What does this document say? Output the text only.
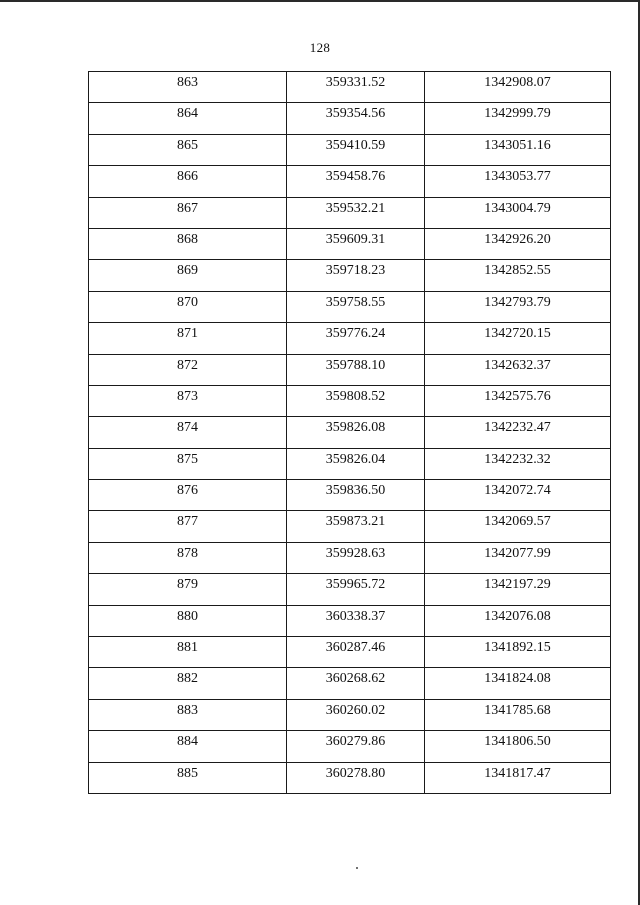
128
863	359331.52	1342908.07
864	359354.56	1342999.79
865	359410.59	1343051.16
866	359458.76	1343053.77
867	359532.21	1343004.79
868	359609.31	1342926.20
869	359718.23	1342852.55
870	359758.55	1342793.79
871	359776.24	1342720.15
872	359788.10	1342632.37
873	359808.52	1342575.76
874	359826.08	1342232.47
875	359826.04	1342232.32
876	359836.50	1342072.74
877	359873.21	1342069.57
878	359928.63	1342077.99
879	359965.72	1342197.29
880	360338.37	1342076.08
881	360287.46	1341892.15
882	360268.62	1341824.08
883	360260.02	1341785.68
884	360279.86	1341806.50
885	360278.80	1341817.47
